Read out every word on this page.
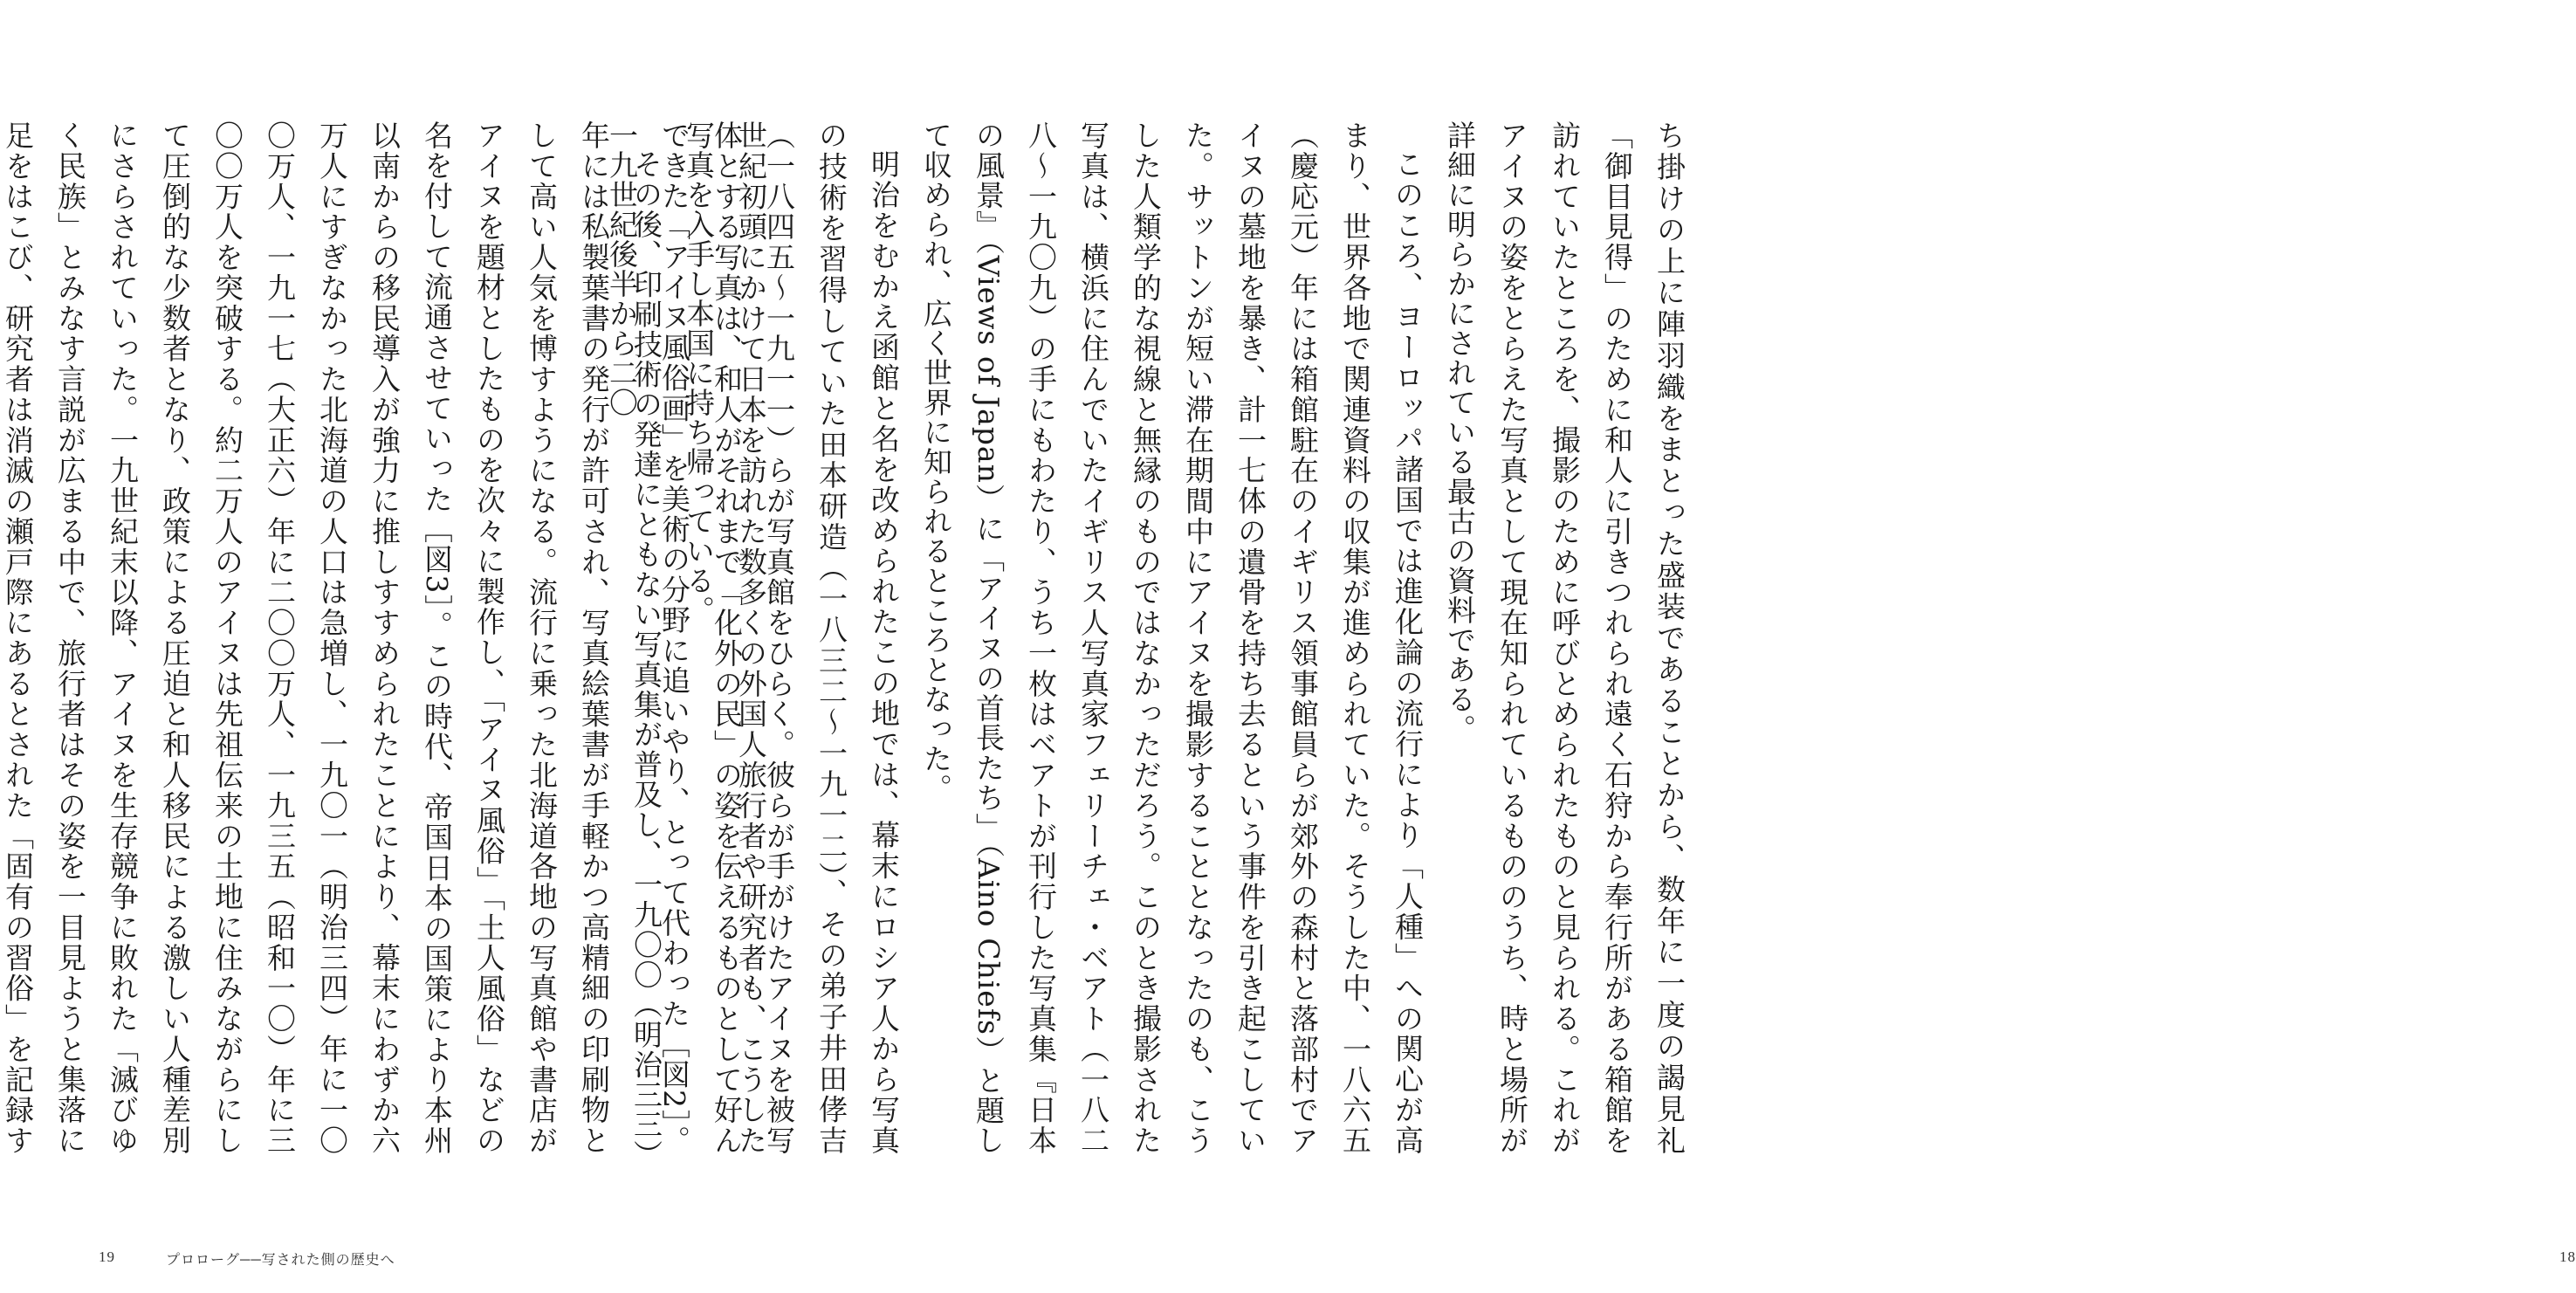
世紀初頭にかけて日本を訪れた数多くの外国人旅行者や研究者も、こうした写真を入手し本国に持ち帰っている。

その後、印刷技術の発達にともない写真集が普及し、一九〇〇（明治三三）年には私製葉書の発行が許可され、写真絵葉書が手軽かつ高精細の印刷物として高い人気を博すようになる。流行に乗った北海道各地の写真館や書店がアイヌを題材としたものを次々に製作し、「アイヌ風俗」「土人風俗」などの名を付して流通させていった［図3］。この時代、帝国日本の国策により本州以南からの移民導入が強力に推しすすめられたことにより、幕末にわずか六万人にすぎなかった北海道の人口は急増し、一九〇一（明治三四）年に一〇〇万人、一九一七（大正六）年に二〇〇万人、一九三五（昭和一〇）年に三〇〇万人を突破する。約二万人のアイヌは先祖伝来の土地に住みながらにして圧倒的な少数者となり、政策による圧迫と和人移民による激しい人種差別にさらされていった。一九世紀末以降、アイヌを生存競争に敗れた「滅びゆく民族」とみなす言説が広まる中で、旅行者はその姿を一目見ようと集落に足をはこび、研究者は消滅の瀬戸際にあるとされた「固有の習俗」を記録す

19	プロローグ──写された側の歴史へ

ち掛けの上に陣羽織をまとった盛装であることから、数年に一度の謁見礼「御目見得」のために和人に引きつれられ遠く石狩から奉行所がある箱館を訪れていたところを、撮影のために呼びとめられたものと見られる。これがアイヌの姿をとらえた写真として現在知られているもののうち、時と場所が詳細に明らかにされている最古の資料である。

このころ、ヨーロッパ諸国では進化論の流行により「人種」への関心が高まり、世界各地で関連資料の収集が進められていた。そうした中、一八六五（慶応元）年には箱館駐在のイギリス領事館員らが郊外の森村と落部村でアイヌの墓地を暴き、計一七体の遺骨を持ち去るという事件を引き起こしていた。サットンが短い滞在期間中にアイヌを撮影することとなったのも、こうした人類学的な視線と無縁のものではなかっただろう。このとき撮影された写真は、横浜に住んでいたイギリス人写真家フェリーチェ・ベアト（一八二八〜一九〇九）の手にもわたり、うち一枚はベアトが刊行した写真集『日本の風景』（Views of Japan）に「アイヌの首長たち」（Aino Chiefs）と題して収められ、広く世界に知られるところとなった。

明治をむかえ函館と名を改められたこの地では、幕末にロシア人から写真の技術を習得していた田本研造（一八三二〜一九一二）、その弟子井田侾吉（一八四五〜一九一一）らが写真館をひらく。彼らが手がけたアイヌを被写体とする写真は、和人がそれまで「化外の民」の姿を伝えるものとして好んできた「アイヌ風俗画」を美術の分野に追いやり、とって代わった［図2］。一九世紀後半から二〇

18
